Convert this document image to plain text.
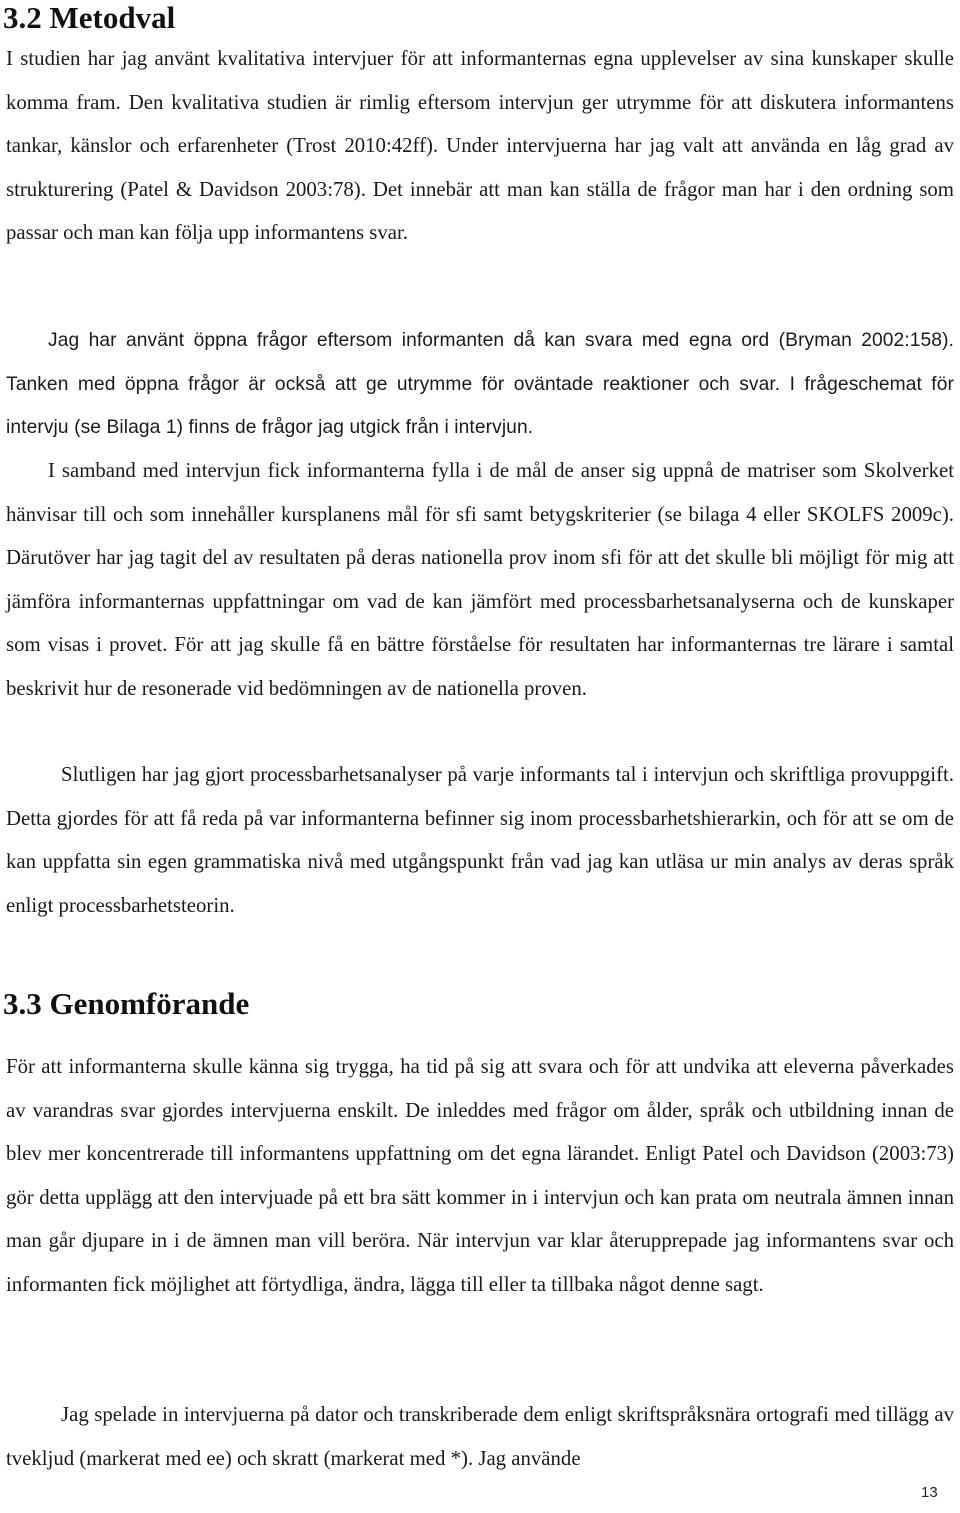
3.2 Metodval

I studien har jag använt kvalitativa intervjuer för att informanternas egna upplevelser av sina kunskaper skulle komma fram. Den kvalitativa studien är rimlig eftersom intervjun ger utrymme för att diskutera informantens tankar, känslor och erfarenheter (Trost 2010:42ff). Under intervjuerna har jag valt att använda en låg grad av strukturering (Patel & Davidson 2003:78). Det innebär att man kan ställa de frågor man har i den ordning som passar och man kan följa upp informantens svar.

Jag har använt öppna frågor eftersom informanten då kan svara med egna ord (Bryman 2002:158). Tanken med öppna frågor är också att ge utrymme för oväntade reaktioner och svar. I frågeschemat för intervju (se Bilaga 1) finns de frågor jag utgick från i intervjun.

I samband med intervjun fick informanterna fylla i de mål de anser sig uppnå de matriser som Skolverket hänvisar till och som innehåller kursplanens mål för sfi samt betygskriterier (se bilaga 4 eller SKOLFS 2009c). Därutöver har jag tagit del av resultaten på deras nationella prov inom sfi för att det skulle bli möjligt för mig att jämföra informanternas uppfattningar om vad de kan jämfört med processbarhetsanalyserna och de kunskaper som visas i provet. För att jag skulle få en bättre förståelse för resultaten har informanternas tre lärare i samtal beskrivit hur de resonerade vid bedömningen av de nationella proven.

Slutligen har jag gjort processbarhetsanalyser på varje informants tal i intervjun och skriftliga provuppgift. Detta gjordes för att få reda på var informanterna befinner sig inom processbarhetshierarkin, och för att se om de kan uppfatta sin egen grammatiska nivå med utgångspunkt från vad jag kan utläsa ur min analys av deras språk enligt processbarhetsteorin.

3.3 Genomförande

För att informanterna skulle känna sig trygga, ha tid på sig att svara och för att undvika att eleverna påverkades av varandras svar gjordes intervjuerna enskilt. De inleddes med frågor om ålder, språk och utbildning innan de blev mer koncentrerade till informantens uppfattning om det egna lärandet. Enligt Patel och Davidson (2003:73) gör detta upplägg att den intervjuade på ett bra sätt kommer in i intervjun och kan prata om neutrala ämnen innan man går djupare in i de ämnen man vill beröra. När intervjun var klar återupprepade jag informantens svar och informanten fick möjlighet att förtydliga, ändra, lägga till eller ta tillbaka något denne sagt.

Jag spelade in intervjuerna på dator och transkriberade dem enligt skriftspråksnära ortografi med tillägg av tvekljud (markerat med ee) och skratt (markerat med *). Jag använde

13
